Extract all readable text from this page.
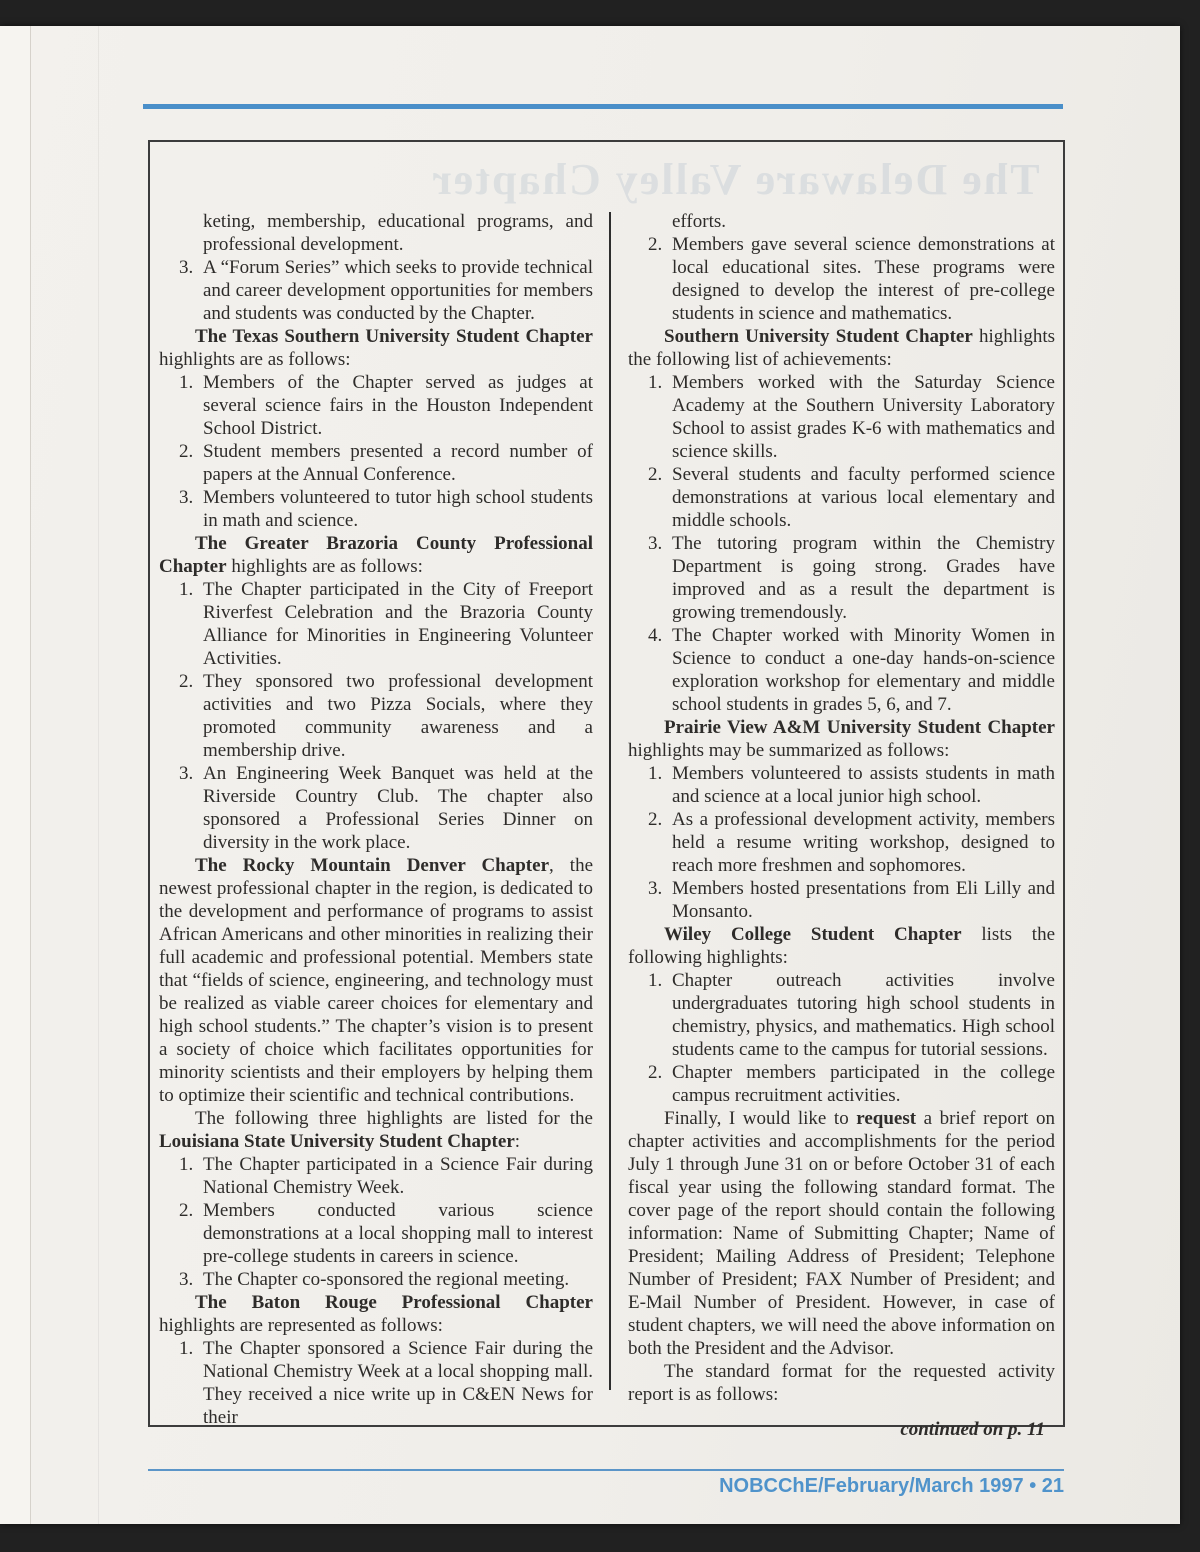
The Delaware Valley Chapter
keting, membership, educational programs, and professional development.
3. A “Forum Series” which seeks to provide technical and career development opportunities for members and students was conducted by the Chapter.
The Texas Southern University Student Chapter highlights are as follows:
1. Members of the Chapter served as judges at several science fairs in the Houston Independent School District.
2. Student members presented a record number of papers at the Annual Conference.
3. Members volunteered to tutor high school students in math and science.
The Greater Brazoria County Professional Chapter highlights are as follows:
1. The Chapter participated in the City of Freeport Riverfest Celebration and the Brazoria County Alliance for Minorities in Engineering Volunteer Activities.
2. They sponsored two professional development activities and two Pizza Socials, where they promoted community awareness and a membership drive.
3. An Engineering Week Banquet was held at the Riverside Country Club. The chapter also sponsored a Professional Series Dinner on diversity in the work place.
The Rocky Mountain Denver Chapter, the newest professional chapter in the region, is dedicated to the development and performance of programs to assist African Americans and other minorities in realizing their full academic and professional potential. Members state that “fields of science, engineering, and technology must be realized as viable career choices for elementary and high school students.” The chapter’s vision is to present a society of choice which facilitates opportunities for minority scientists and their employers by helping them to optimize their scientific and technical contributions.
The following three highlights are listed for the Louisiana State University Student Chapter:
1. The Chapter participated in a Science Fair during National Chemistry Week.
2. Members conducted various science demonstrations at a local shopping mall to interest pre-college students in careers in science.
3. The Chapter co-sponsored the regional meeting.
The Baton Rouge Professional Chapter highlights are represented as follows:
1. The Chapter sponsored a Science Fair during the National Chemistry Week at a local shopping mall. They received a nice write up in C&EN News for their
efforts.
2. Members gave several science demonstrations at local educational sites. These programs were designed to develop the interest of pre-college students in science and mathematics.
Southern University Student Chapter highlights the following list of achievements:
1. Members worked with the Saturday Science Academy at the Southern University Laboratory School to assist grades K-6 with mathematics and science skills.
2. Several students and faculty performed science demonstrations at various local elementary and middle schools.
3. The tutoring program within the Chemistry Department is going strong. Grades have improved and as a result the department is growing tremendously.
4. The Chapter worked with Minority Women in Science to conduct a one-day hands-on-science exploration workshop for elementary and middle school students in grades 5, 6, and 7.
Prairie View A&M University Student Chapter highlights may be summarized as follows:
1. Members volunteered to assists students in math and science at a local junior high school.
2. As a professional development activity, members held a resume writing workshop, designed to reach more freshmen and sophomores.
3. Members hosted presentations from Eli Lilly and Monsanto.
Wiley College Student Chapter lists the following highlights:
1. Chapter outreach activities involve undergraduates tutoring high school students in chemistry, physics, and mathematics. High school students came to the campus for tutorial sessions.
2. Chapter members participated in the college campus recruitment activities.
Finally, I would like to request a brief report on chapter activities and accomplishments for the period July 1 through June 31 on or before October 31 of each fiscal year using the following standard format. The cover page of the report should contain the following information: Name of Submitting Chapter; Name of President; Mailing Address of President; Telephone Number of President; FAX Number of President; and E-Mail Number of President. However, in case of student chapters, we will need the above information on both the President and the Advisor.
The standard format for the requested activity report is as follows:
continued on p. 11
NOBCChE/February/March 1997 • 21
